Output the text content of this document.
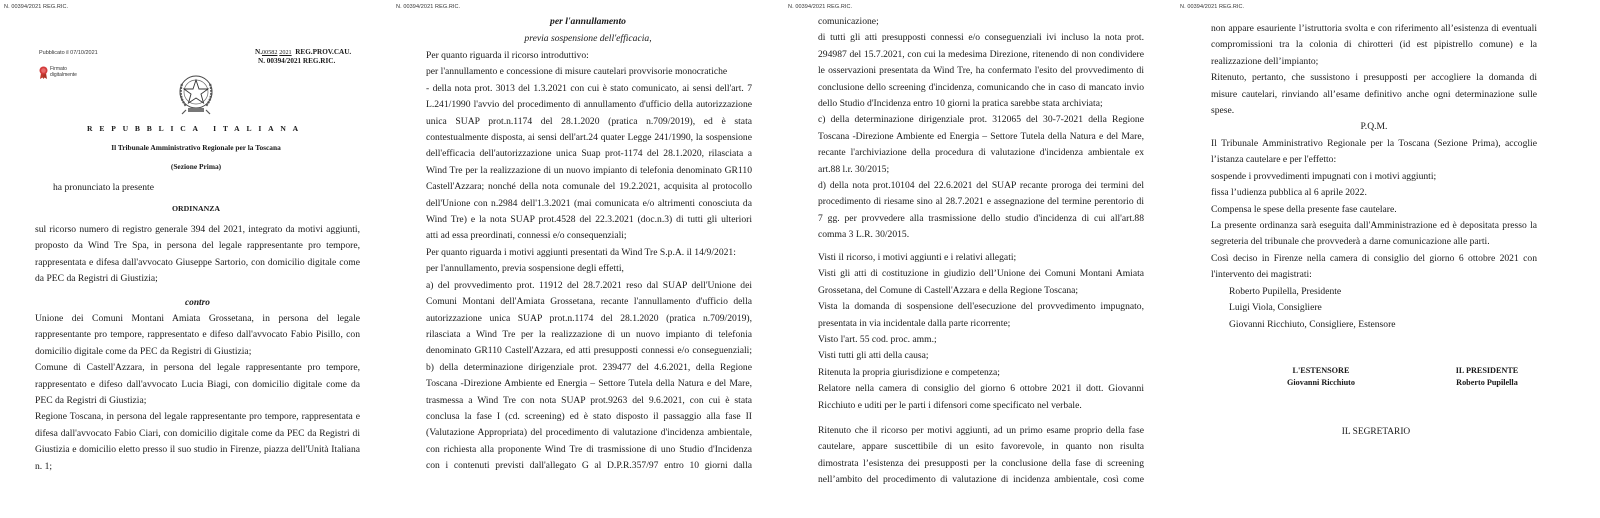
N. 00394/2021 REG.RIC.
Pubblicato il 07/10/2021
Firmato
digitalmente
N.00582 2021 REG.PROV.CAU.
N. 00394/2021 REG.RIC.
REPUBBLICA ITALIANA
Il Tribunale Amministrativo Regionale per la Toscana
(Sezione Prima)
ha pronunciato la presente
ORDINANZA
sul ricorso numero di registro generale 394 del 2021, integrato da motivi aggiunti,
proposto da Wind Tre Spa, in persona del legale rappresentante pro tempore,
rappresentata e difesa dall'avvocato Giuseppe Sartorio, con domicilio digitale come
da PEC da Registri di Giustizia;
contro
Unione dei Comuni Montani Amiata Grossetana, in persona del legale
rappresentante pro tempore, rappresentato e difeso dall'avvocato Fabio Pisillo, con
domicilio digitale come da PEC da Registri di Giustizia;
Comune di Castell'Azzara, in persona del legale rappresentante pro tempore,
rappresentato e difeso dall'avvocato Lucia Biagi, con domicilio digitale come da
PEC da Registri di Giustizia;
Regione Toscana, in persona del legale rappresentante pro tempore, rappresentata e
difesa dall'avvocato Fabio Ciari, con domicilio digitale come da PEC da Registri di
Giustizia e domicilio eletto presso il suo studio in Firenze, piazza dell'Unità Italiana
n. 1;
N. 00394/2021 REG.RIC.
per l'annullamento
previa sospensione dell'efficacia,
Per quanto riguarda il ricorso introduttivo:
per l'annullamento e concessione di misure cautelari provvisorie monocratiche
- della nota prot. 3013 del 1.3.2021 con cui è stato comunicato, ai sensi dell'art. 7
L.241/1990 l'avvio del procedimento di annullamento d'ufficio della autorizzazione
unica SUAP prot.n.1174 del 28.1.2020 (pratica n.709/2019), ed è stata
contestualmente disposta, ai sensi dell'art.24 quater Legge 241/1990, la sospensione
dell'efficacia dell'autorizzazione unica Suap prot-1174 del 28.1.2020, rilasciata a
Wind Tre per la realizzazione di un nuovo impianto di telefonia denominato GR110
Castell'Azzara; nonché della nota comunale del 19.2.2021, acquisita al protocollo
dell'Unione con n.2984 dell'1.3.2021 (mai comunicata e/o altrimenti conosciuta da
Wind Tre) e la nota SUAP prot.4528 del 22.3.2021 (doc.n.3) di tutti gli ulteriori
atti ad essa preordinati, connessi e/o consequenziali;
Per quanto riguarda i motivi aggiunti presentati da Wind Tre S.p.A. il 14/9/2021:
per l'annullamento, previa sospensione degli effetti,
a) del provvedimento prot. 11912 del 28.7.2021 reso dal SUAP dell'Unione dei
Comuni Montani dell'Amiata Grossetana, recante l'annullamento d'ufficio della
autorizzazione unica SUAP prot.n.1174 del 28.1.2020 (pratica n.709/2019),
rilasciata a Wind Tre per la realizzazione di un nuovo impianto di telefonia
denominato GR110 Castell'Azzara, ed atti presupposti connessi e/o conseguenziali;
b) della determinazione dirigenziale prot. 239477 del 4.6.2021, della Regione
Toscana -Direzione Ambiente ed Energia – Settore Tutela della Natura e del Mare,
trasmessa a Wind Tre con nota SUAP prot.9263 del 9.6.2021, con cui è stata
conclusa la fase I (cd. screening) ed è stato disposto il passaggio alla fase II
(Valutazione Appropriata) del procedimento di valutazione d'incidenza ambientale,
con richiesta alla proponente Wind Tre di trasmissione di uno Studio d'Incidenza
con i contenuti previsti dall'allegato G al D.P.R.357/97 entro 10 giorni dalla
N. 00394/2021 REG.RIC.
comunicazione;
di tutti gli atti presupposti connessi e/o conseguenziali ivi incluso la nota prot.
294987 del 15.7.2021, con cui la medesima Direzione, ritenendo di non condividere
le osservazioni presentata da Wind Tre, ha confermato l'esito del provvedimento di
conclusione dello screening d'incidenza, comunicando che in caso di mancato invio
dello Studio d'Incidenza entro 10 giorni la pratica sarebbe stata archiviata;
c) della determinazione dirigenziale prot. 312065 del 30-7-2021 della Regione
Toscana -Direzione Ambiente ed Energia – Settore Tutela della Natura e del Mare,
recante l'archiviazione della procedura di valutazione d'incidenza ambientale ex
art.88 l.r. 30/2015;
d) della nota prot.10104 del 22.6.2021 del SUAP recante proroga dei termini del
procedimento di riesame sino al 28.7.2021 e assegnazione del termine perentorio di
7 gg. per provvedere alla trasmissione dello studio d'incidenza di cui all'art.88
comma 3 L.R. 30/2015.
Visti il ricorso, i motivi aggiunti e i relativi allegati;
Visti gli atti di costituzione in giudizio dell’Unione dei Comuni Montani Amiata
Grossetana, del Comune di Castell'Azzara e della Regione Toscana;
Vista la domanda di sospensione dell'esecuzione del provvedimento impugnato,
presentata in via incidentale dalla parte ricorrente;
Visto l'art. 55 cod. proc. amm.;
Visti tutti gli atti della causa;
Ritenuta la propria giurisdizione e competenza;
Relatore nella camera di consiglio del giorno 6 ottobre 2021 il dott. Giovanni
Ricchiuto e uditi per le parti i difensori come specificato nel verbale.
Ritenuto che il ricorso per motivi aggiunti, ad un primo esame proprio della fase
cautelare, appare suscettibile di un esito favorevole, in quanto non risulta
dimostrata l’esistenza dei presupposti per la conclusione della fase di screening
nell’ambito del procedimento di valutazione di incidenza ambientale, così come
N. 00394/2021 REG.RIC.
non appare esauriente l’istruttoria svolta e con riferimento all’esistenza di eventuali
compromissioni tra la colonia di chirotteri (id est pipistrello comune) e la
realizzazione dell’impianto;
Ritenuto, pertanto, che sussistono i presupposti per accogliere la domanda di
misure cautelari, rinviando all’esame definitivo anche ogni determinazione sulle
spese.
P.Q.M.
Il Tribunale Amministrativo Regionale per la Toscana (Sezione Prima), accoglie
l’istanza cautelare e per l'effetto:
sospende i provvedimenti impugnati con i motivi aggiunti;
fissa l’udienza pubblica al 6 aprile 2022.
Compensa le spese della presente fase cautelare.
La presente ordinanza sarà eseguita dall'Amministrazione ed è depositata presso la
segreteria del tribunale che provvederà a darne comunicazione alle parti.
Così deciso in Firenze nella camera di consiglio del giorno 6 ottobre 2021 con
l'intervento dei magistrati:
Roberto Pupilella, Presidente
Luigi Viola, Consigliere
Giovanni Ricchiuto, Consigliere, Estensore
L'ESTENSORE
Giovanni Ricchiuto
IL PRESIDENTE
Roberto Pupilella
IL SEGRETARIO
